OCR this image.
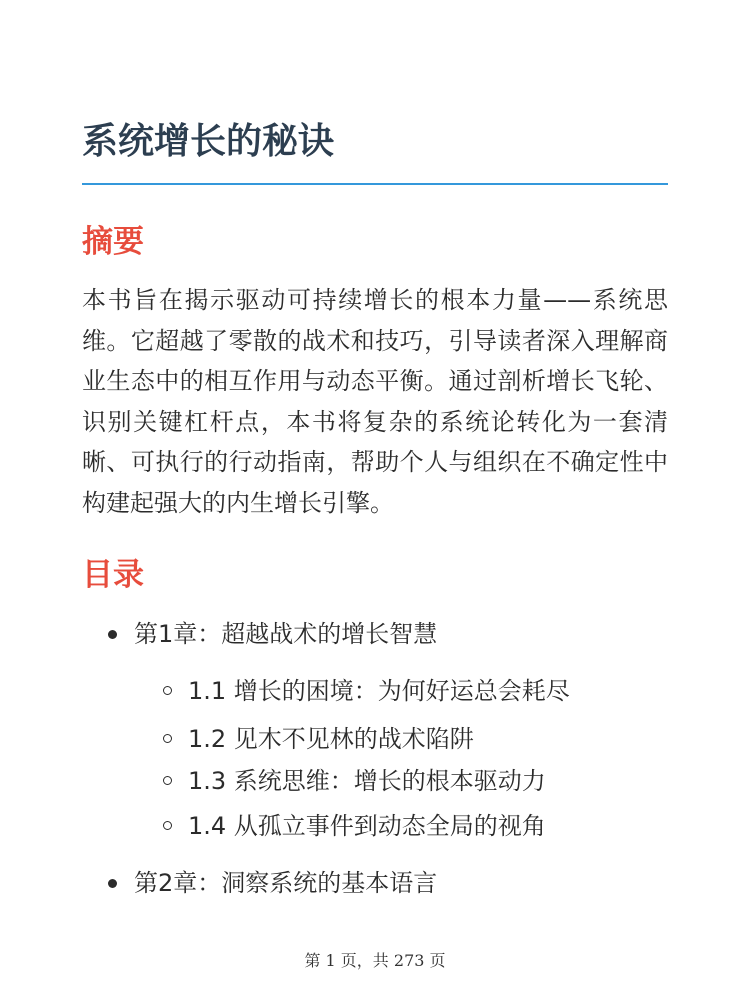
系统增长的秘诀
摘要

本书旨在揭示驱动可持续增长的根本力量——系统思维。它超越了零散的战术和技巧，引导读者深入理解商业生态中的相互作用与动态平衡。通过剖析增长飞轮、识别关键杠杆点，本书将复杂的系统论转化为一套清晰、可执行的行动指南，帮助个人与组织在不确定性中构建起强大的内生增长引擎。

目录
第1章：超越战术的增长智慧
1.1 增长的困境：为何好运总会耗尽
1.2 见木不见林的战术陷阱
1.3 系统思维：增长的根本驱动力
1.4 从孤立事件到动态全局的视角
第2章：洞察系统的基本语言
第 1 页，共 273 页
